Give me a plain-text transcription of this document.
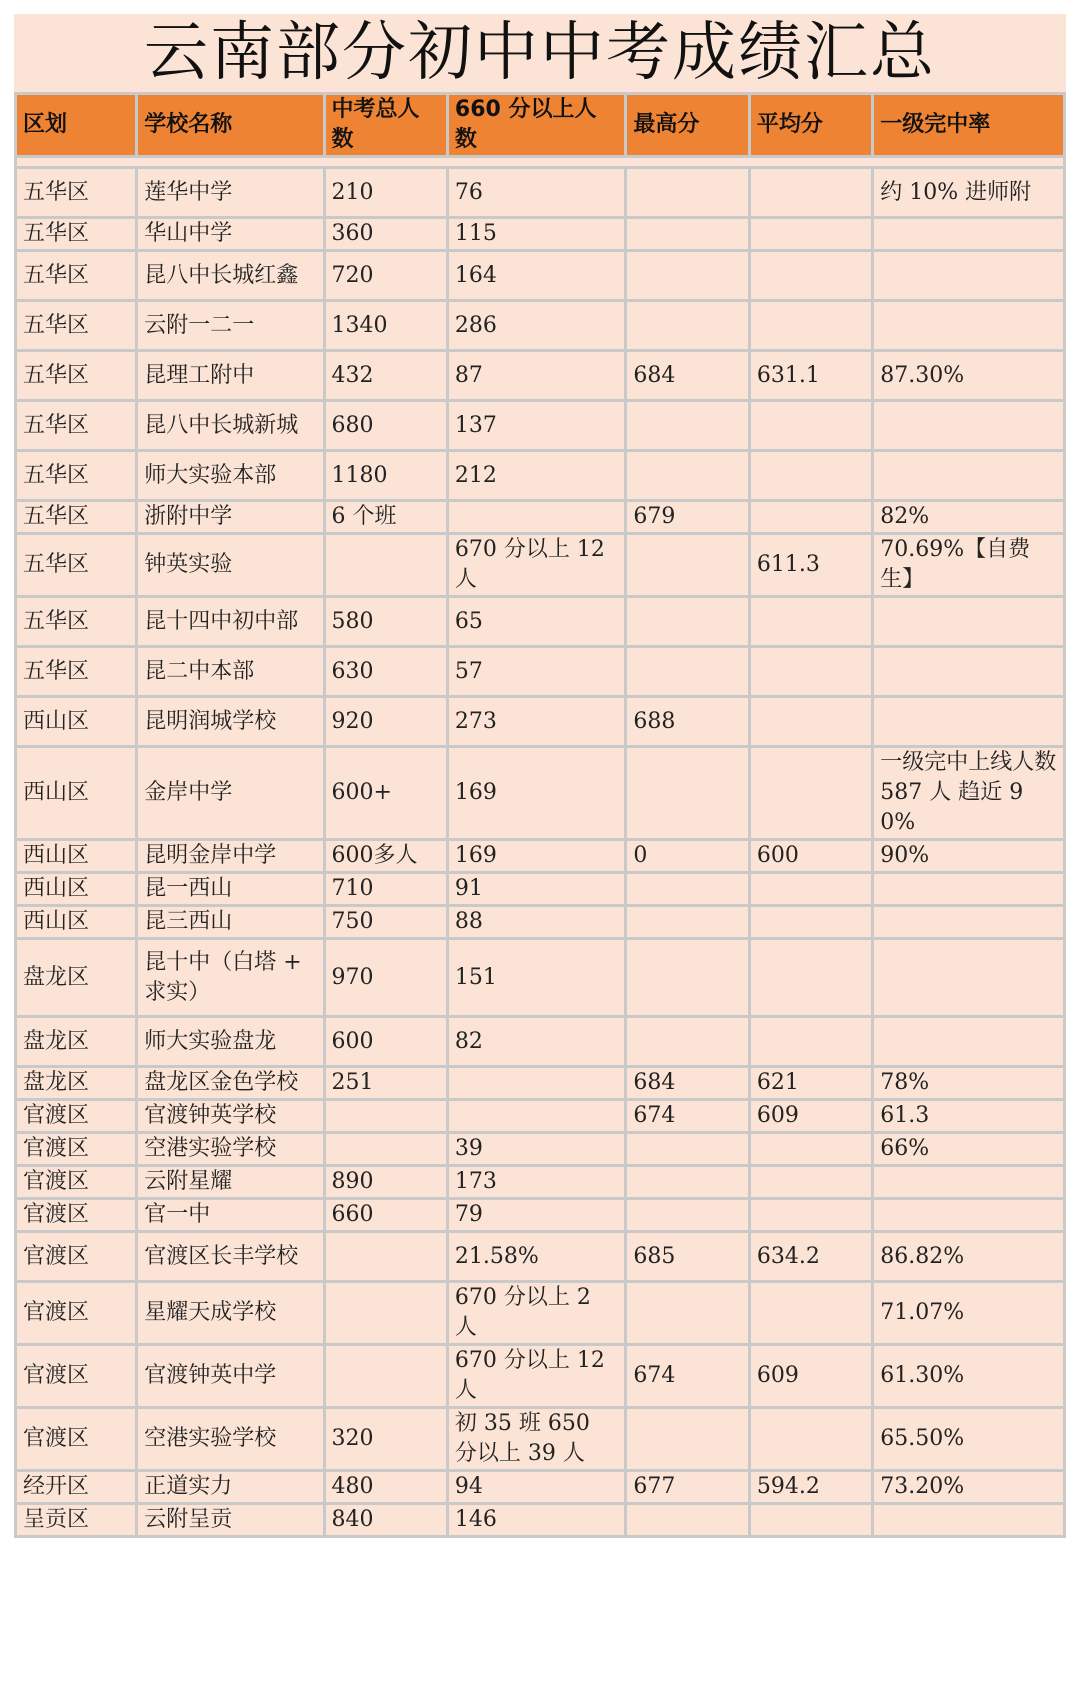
云南部分初中中考成绩汇总
区划	学校名称	中考总人数	660 分以上人数	最高分	平均分	一级完中率

五华区	莲华中学	210	76			约 10% 进师附
五华区	华山中学	360	115			
五华区	昆八中长城红鑫	720	164			
五华区	云附一二一	1340	286			
五华区	昆理工附中	432	87	684	631.1	87.30%
五华区	昆八中长城新城	680	137			
五华区	师大实验本部	1180	212			
五华区	浙附中学	6 个班		679		82%
五华区	钟英实验		670 分以上 12 人		611.3	70.69%【自费生】
五华区	昆十四中初中部	580	65			
五华区	昆二中本部	630	57			
西山区	昆明润城学校	920	273	688		
西山区	金岸中学	600+	169			一级完中上线人数 587 人 趋近 90%
西山区	昆明金岸中学	600多人	169	0	600	90%
西山区	昆一西山	710	91			
西山区	昆三西山	750	88			
盘龙区	昆十中（白塔 + 求实）	970	151			
盘龙区	师大实验盘龙	600	82			
盘龙区	盘龙区金色学校	251		684	621	78%
官渡区	官渡钟英学校			674	609	61.3
官渡区	空港实验学校		39			66%
官渡区	云附星耀	890	173			
官渡区	官一中	660	79			
官渡区	官渡区长丰学校		21.58%	685	634.2	86.82%
官渡区	星耀天成学校		670 分以上 2 人			71.07%
官渡区	官渡钟英中学		670 分以上 12 人	674	609	61.30%
官渡区	空港实验学校	320	初 35 班 650 分以上 39 人			65.50%
经开区	正道实力	480	94	677	594.2	73.20%
呈贡区	云附呈贡	840	146			
